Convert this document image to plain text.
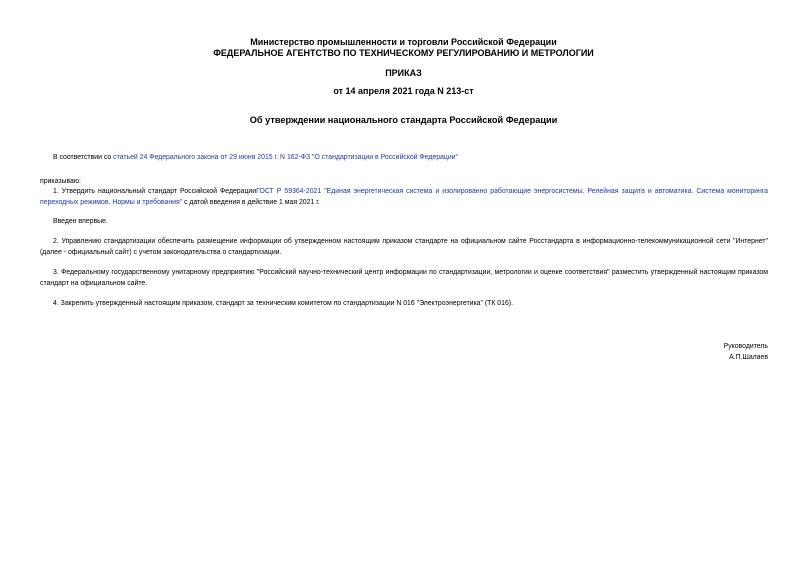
Министерство промышленности и торговли Российской Федерации
ФЕДЕРАЛЬНОЕ АГЕНТСТВО ПО ТЕХНИЧЕСКОМУ РЕГУЛИРОВАНИЮ И МЕТРОЛОГИИ
ПРИКАЗ
от 14 апреля 2021 года N 213-ст
Об утверждении национального стандарта Российской Федерации
В соответствии со статьей 24 Федерального закона от 29 июня 2015 г. N 162-ФЗ "О стандартизации в Российской Федерации"
приказываю:
1. Утвердить национальный стандарт Российской ФедерацииГОСТ Р 59364-2021 "Единая энергетическая система и изолированно работающие энергосистемы. Релейная защита и автоматика. Система мониторинга переходных режимов. Нормы и требования" с датой введения в действие 1 мая 2021 г.
Введен впервые.
2. Управлению стандартизации обеспечить размещение информации об утвержденном настоящим приказом стандарте на официальном сайте Росстандарта в информационно-телекоммуникационной сети "Интернет" (далее - официальный сайт) с учетом законодательства о стандартизации.
3. Федеральному государственному унитарному предприятию "Российский научно-технический центр информации по стандартизации, метрологии и оценке соответствия" разместить утвержденный настоящим приказом стандарт на официальном сайте.
4. Закрепить утвержденный настоящим приказом, стандарт за техническим комитетом по стандартизации N 016 "Электроэнергетика" (ТК 016).
Руководитель
А.П.Шалаев
